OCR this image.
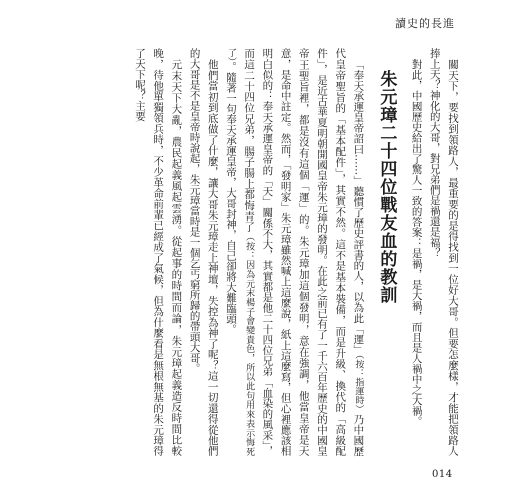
讀史的長進

關天下，要找到領路人，最重要的是得找到一位好大哥。但要怎麼樣，才能把領路人捧上天？神化的大哥，對兄弟們是禍還是福？

對此，中國歷史給出了驚人一致的答案：是禍，是大禍，而且是人禍中之大禍。

朱元璋二十四位戰友血的教訓

「奉天承運皇帝詔曰……」聽慣了歷史評書的人，以為此「運」（按：指運時）乃中國歷代皇帝聖旨的「基本配件」，其實不然。這不是基本裝備，而是升級、換代的「高級配件」，是近古華夏明朝開國皇帝朱元璋的發明。在此之前已有了一千六百年歷史的中國皇帝王聖旨裡，都是沒有這個「運」的。朱元璋加這個發明，意在強調，他當皇帝是天意，是命中註定。然而，「發明家」朱元璋雖然喊上這麼說，紙上這麼寫，但心裡應該相明白似的：奉天承運皇帝的「天」關係不大，其實都是他二十四位兄弟「血染的風采」，而這二十四位兄弟，腸子腸上都悔青了（按：因為元末楊子會變貴色，所以此句用來表示悔死了）。隨著一句奉天承運皇帝，大哥封神，自己卻將大難臨頭。

他們當初到底做了什麼，讓大哥朱元璋走上神壇，失控為神了呢？這一切還得從他們的大哥是不是皇帝時說起，朱元璋當時是一個乞丐窮所歸的帶頭大哥。

元末天下大亂，農民起義風起雲湧。從起事的時間而論，朱元璋起義造反時間比較晚，待他單獨領兵時，不少革命前輩已經成了氣候，但為什麼看是無根無基的朱元璋得了天下呢？主要

014
